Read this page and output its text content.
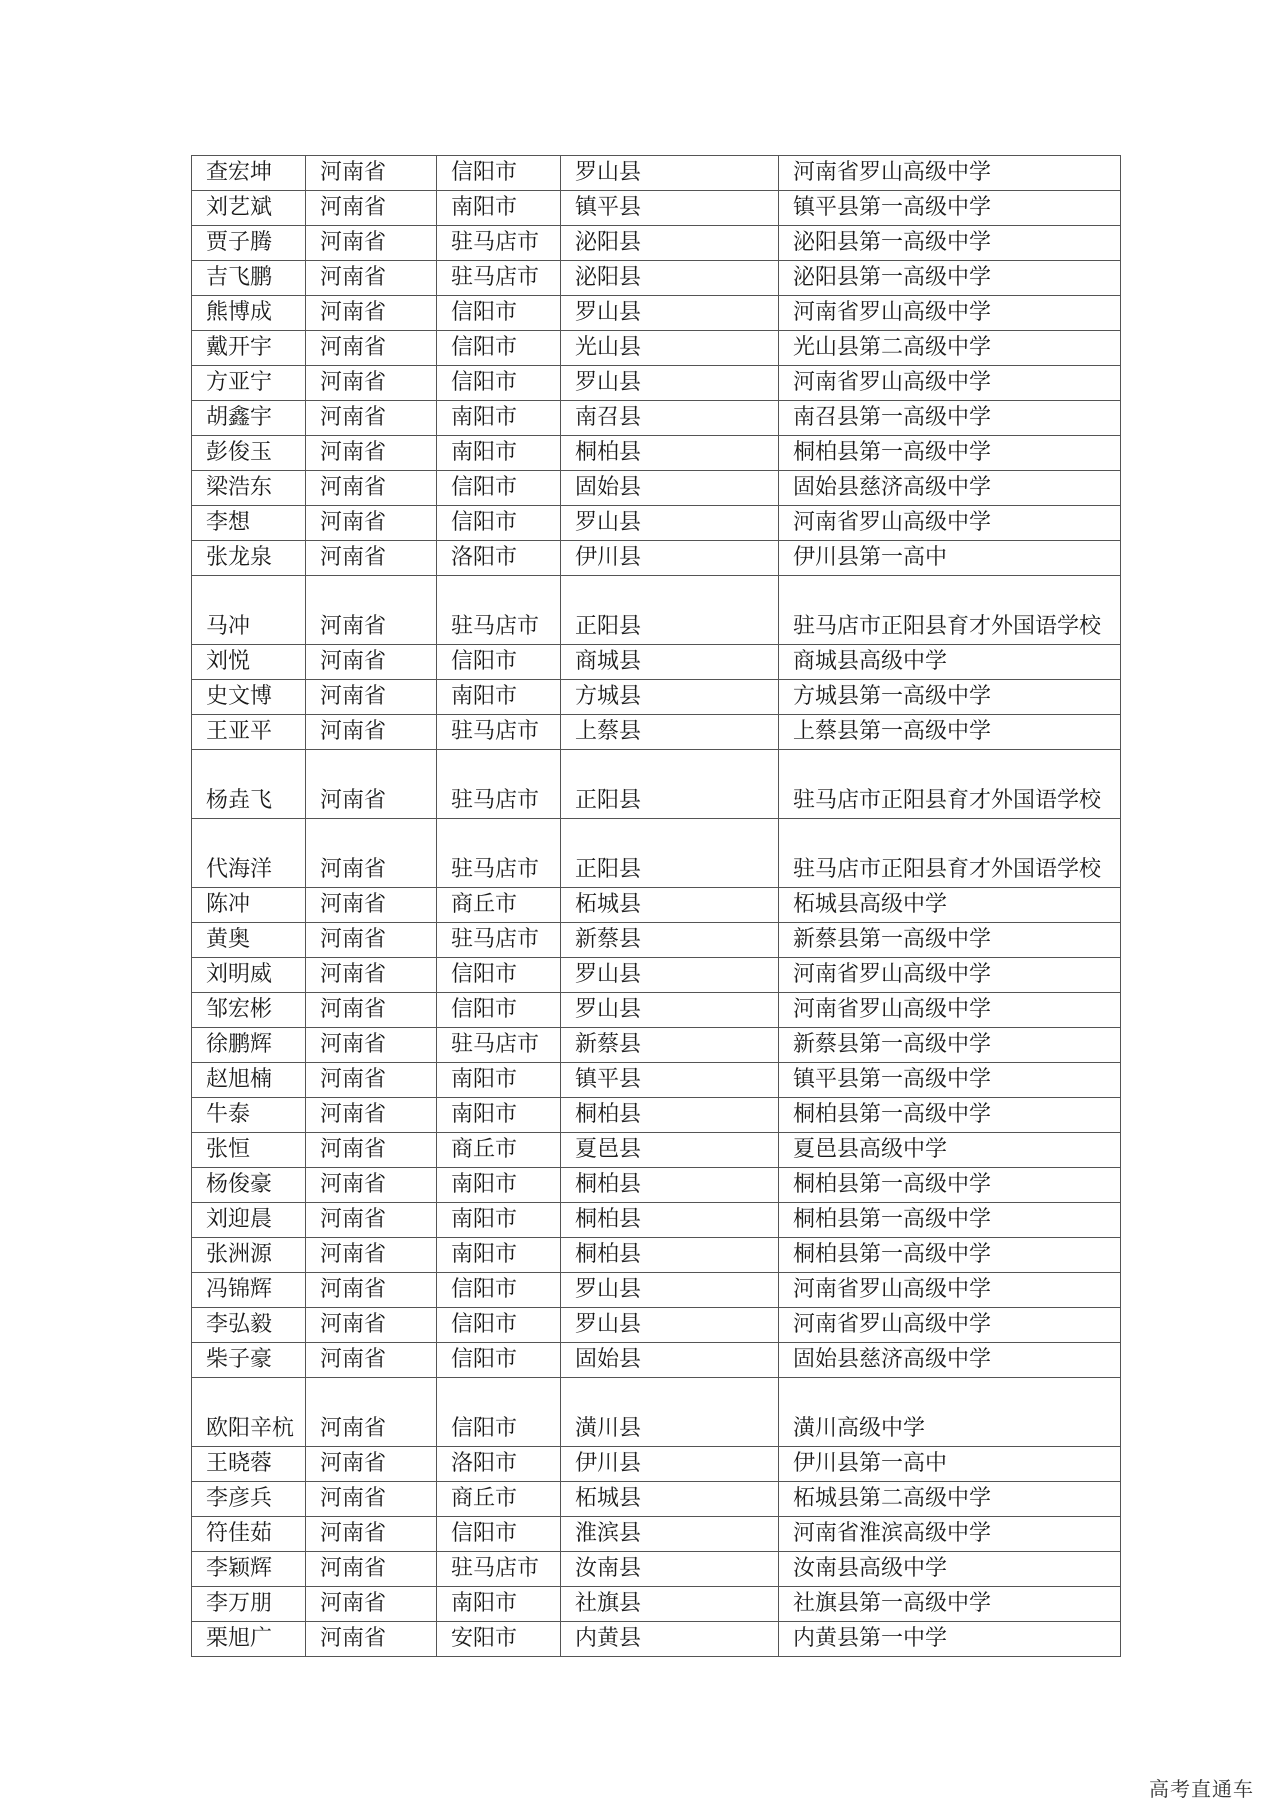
查宏坤	河南省	信阳市	罗山县	河南省罗山高级中学
刘艺斌	河南省	南阳市	镇平县	镇平县第一高级中学
贾子腾	河南省	驻马店市	泌阳县	泌阳县第一高级中学
吉飞鹏	河南省	驻马店市	泌阳县	泌阳县第一高级中学
熊博成	河南省	信阳市	罗山县	河南省罗山高级中学
戴开宇	河南省	信阳市	光山县	光山县第二高级中学
方亚宁	河南省	信阳市	罗山县	河南省罗山高级中学
胡鑫宇	河南省	南阳市	南召县	南召县第一高级中学
彭俊玉	河南省	南阳市	桐柏县	桐柏县第一高级中学
梁浩东	河南省	信阳市	固始县	固始县慈济高级中学
李想	河南省	信阳市	罗山县	河南省罗山高级中学
张龙泉	河南省	洛阳市	伊川县	伊川县第一高中
马冲	河南省	驻马店市	正阳县	驻马店市正阳县育才外国语学校
刘悦	河南省	信阳市	商城县	商城县高级中学
史文博	河南省	南阳市	方城县	方城县第一高级中学
王亚平	河南省	驻马店市	上蔡县	上蔡县第一高级中学
杨垚飞	河南省	驻马店市	正阳县	驻马店市正阳县育才外国语学校
代海洋	河南省	驻马店市	正阳县	驻马店市正阳县育才外国语学校
陈冲	河南省	商丘市	柘城县	柘城县高级中学
黄奥	河南省	驻马店市	新蔡县	新蔡县第一高级中学
刘明威	河南省	信阳市	罗山县	河南省罗山高级中学
邹宏彬	河南省	信阳市	罗山县	河南省罗山高级中学
徐鹏辉	河南省	驻马店市	新蔡县	新蔡县第一高级中学
赵旭楠	河南省	南阳市	镇平县	镇平县第一高级中学
牛泰	河南省	南阳市	桐柏县	桐柏县第一高级中学
张恒	河南省	商丘市	夏邑县	夏邑县高级中学
杨俊豪	河南省	南阳市	桐柏县	桐柏县第一高级中学
刘迎晨	河南省	南阳市	桐柏县	桐柏县第一高级中学
张洲源	河南省	南阳市	桐柏县	桐柏县第一高级中学
冯锦辉	河南省	信阳市	罗山县	河南省罗山高级中学
李弘毅	河南省	信阳市	罗山县	河南省罗山高级中学
柴子豪	河南省	信阳市	固始县	固始县慈济高级中学
欧阳辛杭	河南省	信阳市	潢川县	潢川高级中学
王晓蓉	河南省	洛阳市	伊川县	伊川县第一高中
李彦兵	河南省	商丘市	柘城县	柘城县第二高级中学
符佳茹	河南省	信阳市	淮滨县	河南省淮滨高级中学
李颖辉	河南省	驻马店市	汝南县	汝南县高级中学
李万朋	河南省	南阳市	社旗县	社旗县第一高级中学
栗旭广	河南省	安阳市	内黄县	内黄县第一中学
高考直通车
